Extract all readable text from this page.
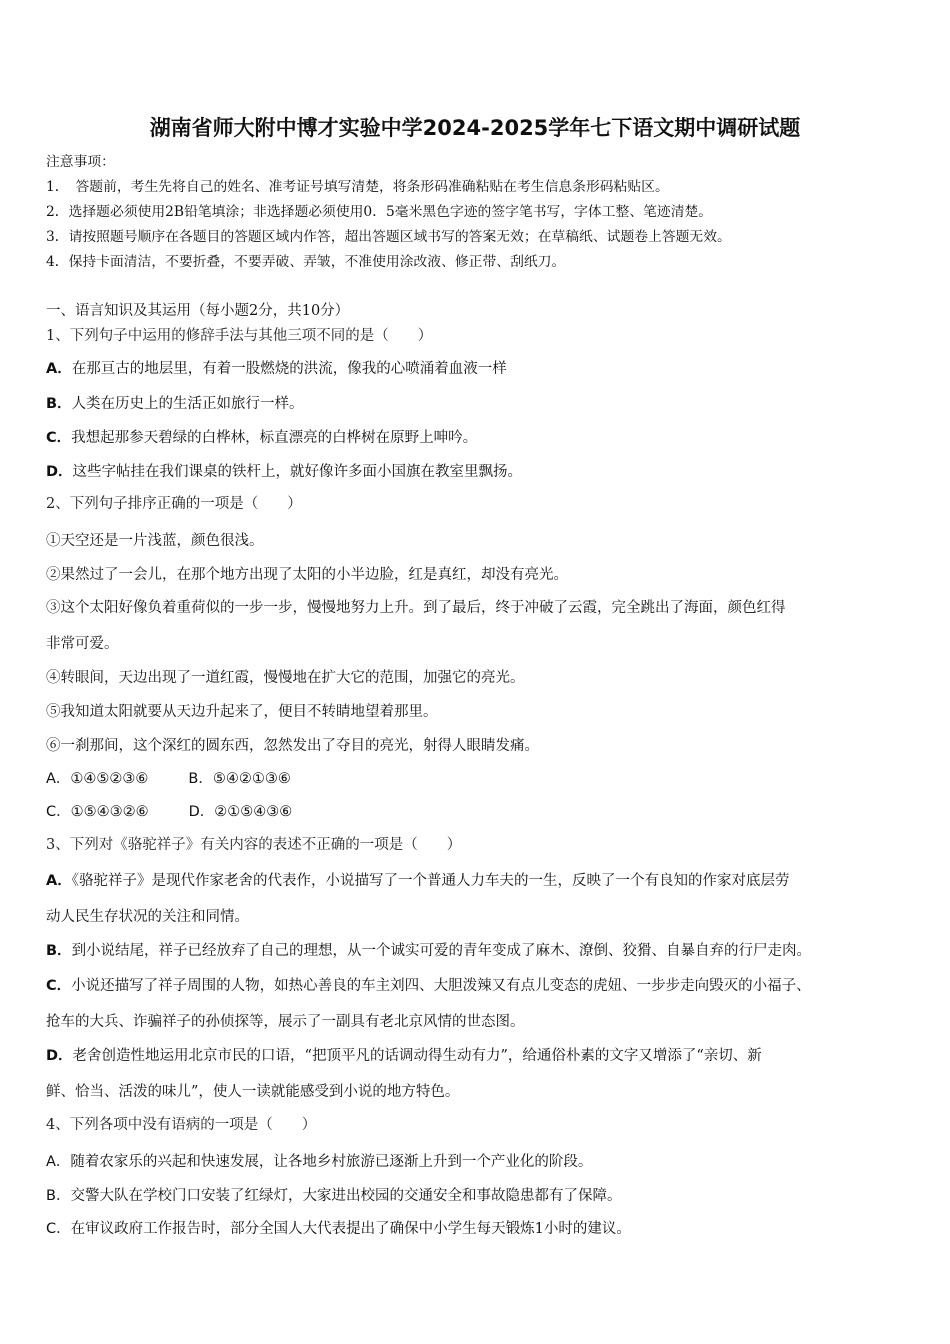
湖南省师大附中博才实验中学2024-2025学年七下语文期中调研试题
注意事项：
1．　答题前，考生先将自己的姓名、准考证号填写清楚，将条形码准确粘贴在考生信息条形码粘贴区。
2．选择题必须使用2B铅笔填涂；非选择题必须使用0．5毫米黑色字迹的签字笔书写，字体工整、笔迹清楚。
3．请按照题号顺序在各题目的答题区域内作答，超出答题区域书写的答案无效；在草稿纸、试题卷上答题无效。
4．保持卡面清洁，不要折叠，不要弄破、弄皱，不准使用涂改液、修正带、刮纸刀。
一、语言知识及其运用（每小题2分，共10分）
1、下列句子中运用的修辞手法与其他三项不同的是（　　）
A．在那亘古的地层里，有着一股燃烧的洪流，像我的心喷涌着血液一样
B．人类在历史上的生活正如旅行一样。
C．我想起那参天碧绿的白桦林，标直漂亮的白桦树在原野上呻吟。
D．这些字帖挂在我们课桌的铁杆上，就好像许多面小国旗在教室里飘扬。
2、下列句子排序正确的一项是（　　）
①天空还是一片浅蓝，颜色很浅。
②果然过了一会儿，在那个地方出现了太阳的小半边脸，红是真红，却没有亮光。
③这个太阳好像负着重荷似的一步一步，慢慢地努力上升。到了最后，终于冲破了云霞，完全跳出了海面，颜色红得
非常可爱。
④转眼间，天边出现了一道红霞，慢慢地在扩大它的范围，加强它的亮光。
⑤我知道太阳就要从天边升起来了，便目不转睛地望着那里。
⑥一刹那间，这个深红的圆东西，忽然发出了夺目的亮光，射得人眼睛发痛。
A．①④⑤②③⑥	B．⑤④②①③⑥
C．①⑤④③②⑥	D．②①⑤④③⑥
3、下列对《骆驼祥子》有关内容的表述不正确的一项是（　　）
A．《骆驼祥子》是现代作家老舍的代表作，小说描写了一个普通人力车夫的一生，反映了一个有良知的作家对底层劳
动人民生存状况的关注和同情。
B．到小说结尾，祥子已经放弃了自己的理想，从一个诚实可爱的青年变成了麻木、潦倒、狡猾、自暴自弃的行尸走肉。
C．小说还描写了祥子周围的人物，如热心善良的车主刘四、大胆泼辣又有点儿变态的虎妞、一步步走向毁灭的小福子、
抢车的大兵、诈骗祥子的孙侦探等，展示了一副具有老北京风情的世态图。
D．老舍创造性地运用北京市民的口语，“把顶平凡的话调动得生动有力”，给通俗朴素的文字又增添了“亲切、新
鲜、恰当、活泼的味儿”，使人一读就能感受到小说的地方特色。
4、下列各项中没有语病的一项是（　　）
A．随着农家乐的兴起和快速发展，让各地乡村旅游已逐渐上升到一个产业化的阶段。
B．交警大队在学校门口安装了红绿灯，大家进出校园的交通安全和事故隐患都有了保障。
C．在审议政府工作报告时，部分全国人大代表提出了确保中小学生每天锻炼1小时的建议。
